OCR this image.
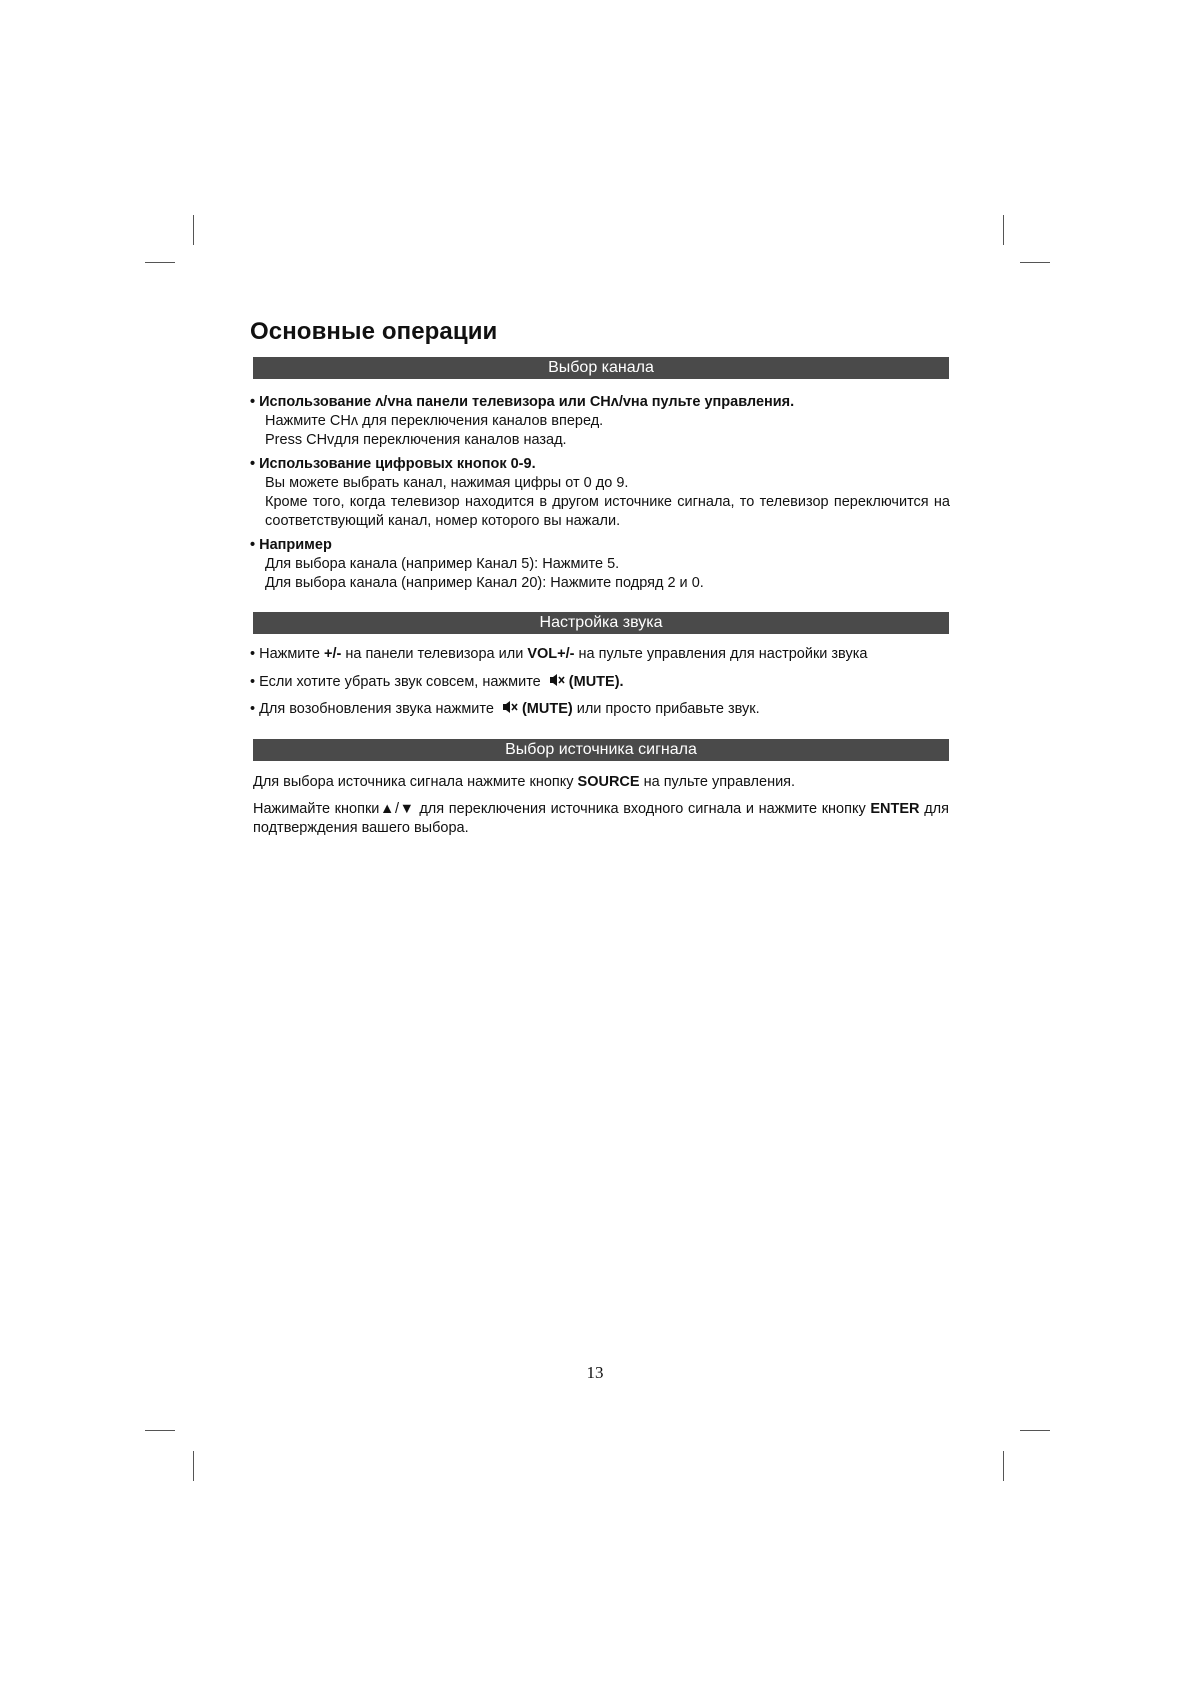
Основные операции
Выбор канала
• Использование ʌ/vна панели телевизора или CHʌ/vна пульте управления.
Нажмите CHʌ для переключения каналов вперед.
Press CHvдля переключения каналов назад.
• Использование цифровых кнопок 0-9.
Вы можете выбрать канал, нажимая цифры от 0 до 9.
Кроме того, когда телевизор находится в другом источнике сигнала, то телевизор переключится на соответствующий канал, номер которого вы нажали.
• Например
Для выбора канала (например Канал 5): Нажмите 5.
Для выбора канала (например Канал 20): Нажмите подряд 2 и 0.
Настройка звука
• Нажмите +/- на панели телевизора или VOL+/- на пульте управления для настройки звука
• Если хотите убрать звук совсем, нажмите (MUTE).
• Для возобновления звука нажмите (MUTE) или просто прибавьте звук.
Выбор источника сигнала
Для выбора источника сигнала нажмите кнопку SOURCE на пульте управления.
Нажимайте кнопки▲/▼ для переключения источника входного сигнала и нажмите кнопку ENTER для подтверждения вашего выбора.
13
